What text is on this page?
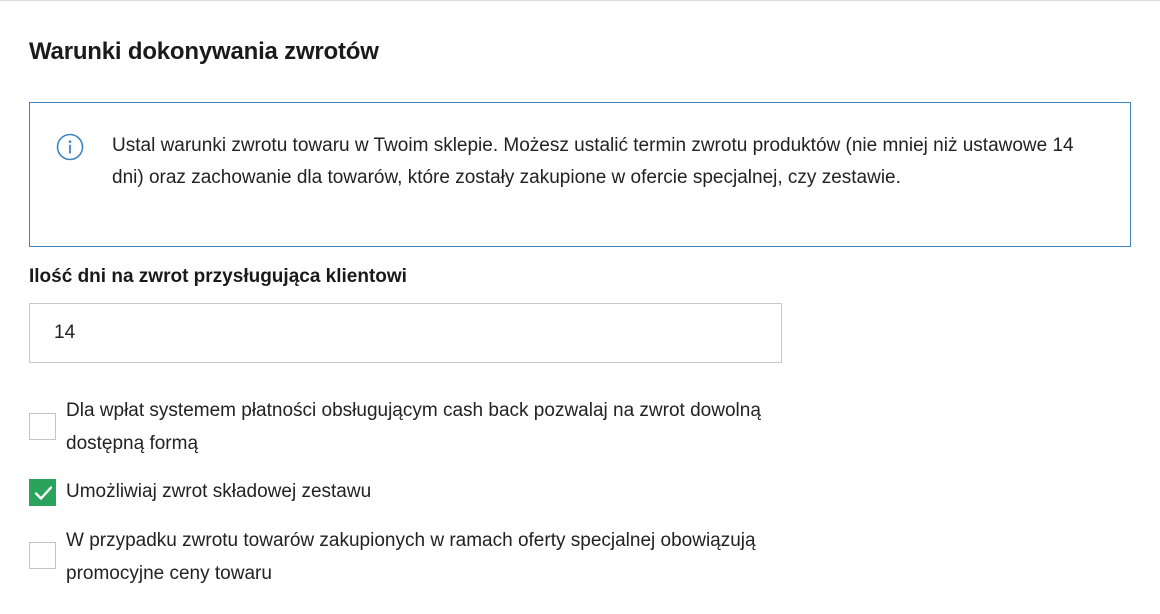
Warunki dokonywania zwrotów

Ustal warunki zwrotu towaru w Twoim sklepie. Możesz ustalić termin zwrotu produktów (nie mniej niż ustawowe 14 dni) oraz zachowanie dla towarów, które zostały zakupione w ofercie specjalnej, czy zestawie.

Ilość dni na zwrot przysługująca klientowi
14

Dla wpłat systemem płatności obsługującym cash back pozwalaj na zwrot dowolną dostępną formą

Umożliwiaj zwrot składowej zestawu

W przypadku zwrotu towarów zakupionych w ramach oferty specjalnej obowiązują promocyjne ceny towaru
